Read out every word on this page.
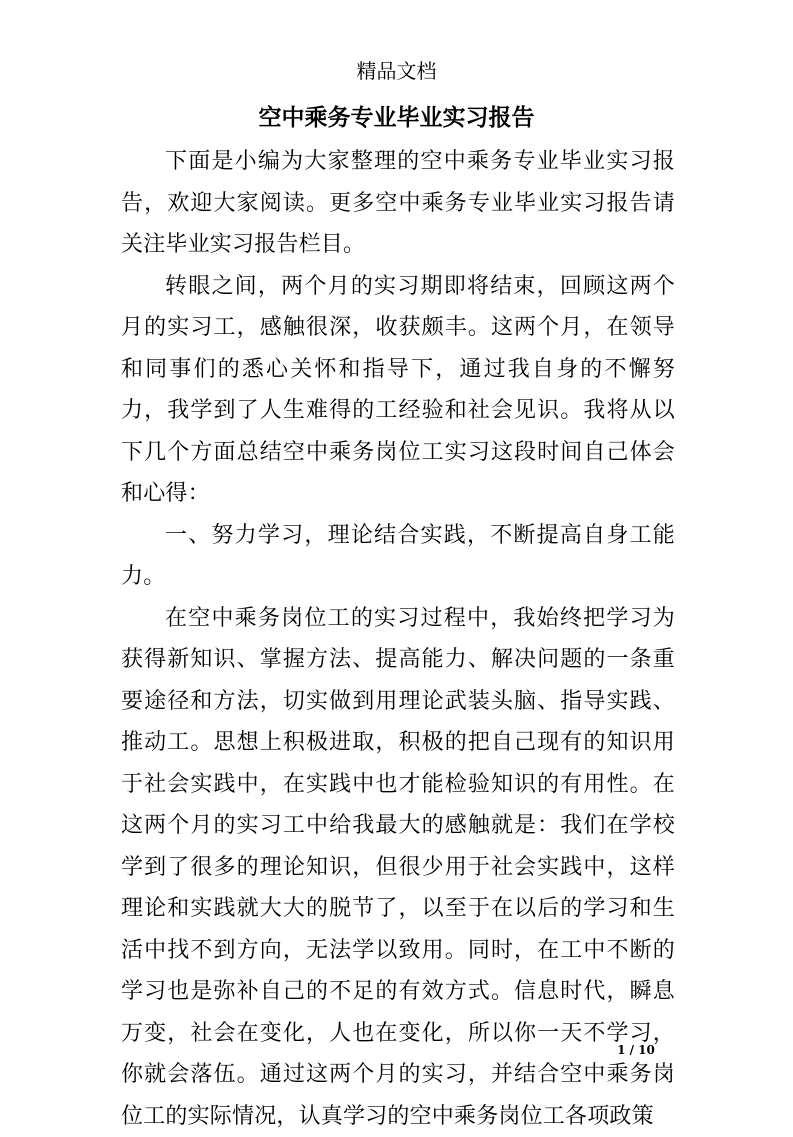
精品文档
空中乘务专业毕业实习报告

下面是小编为大家整理的空中乘务专业毕业实习报告，欢迎大家阅读。更多空中乘务专业毕业实习报告请关注毕业实习报告栏目。

转眼之间，两个月的实习期即将结束，回顾这两个月的实习工，感触很深，收获颇丰。这两个月，在领导和同事们的悉心关怀和指导下，通过我自身的不懈努力，我学到了人生难得的工经验和社会见识。我将从以下几个方面总结空中乘务岗位工实习这段时间自己体会和心得：

一、努力学习，理论结合实践，不断提高自身工能力。

在空中乘务岗位工的实习过程中，我始终把学习为获得新知识、掌握方法、提高能力、解决问题的一条重要途径和方法，切实做到用理论武装头脑、指导实践、推动工。思想上积极进取，积极的把自己现有的知识用于社会实践中，在实践中也才能检验知识的有用性。在这两个月的实习工中给我最大的感触就是：我们在学校学到了很多的理论知识，但很少用于社会实践中，这样理论和实践就大大的脱节了，以至于在以后的学习和生活中找不到方向，无法学以致用。同时，在工中不断的学习也是弥补自己的不足的有效方式。信息时代，瞬息万变，社会在变化，人也在变化，所以你一天不学习，你就会落伍。通过这两个月的实习，并结合空中乘务岗位工的实际情况，认真学习的空中乘务岗位工各项政策

1 / 10
